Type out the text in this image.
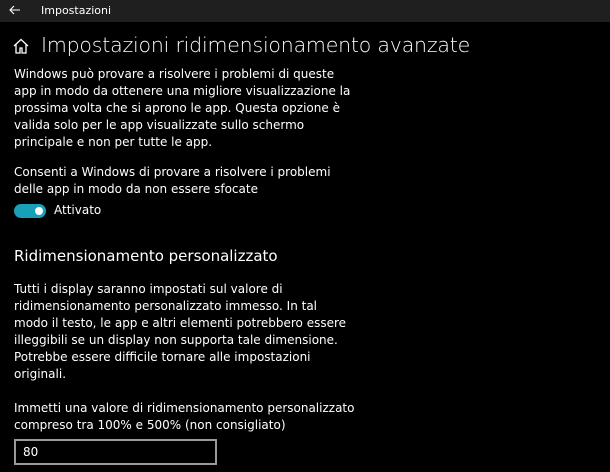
Impostazioni
Impostazioni ridimensionamento avanzate
Windows può provare a risolvere i problemi di queste
app in modo da ottenere una migliore visualizzazione la
prossima volta che si aprono le app. Questa opzione è
valida solo per le app visualizzate sullo schermo
principale e non per tutte le app.
Consenti a Windows di provare a risolvere i problemi
delle app in modo da non essere sfocate
Attivato
Ridimensionamento personalizzato
Tutti i display saranno impostati sul valore di
ridimensionamento personalizzato immesso. In tal
modo il testo, le app e altri elementi potrebbero essere
illeggibili se un display non supporta tale dimensione.
Potrebbe essere difficile tornare alle impostazioni
originali.
Immetti una valore di ridimensionamento personalizzato
compreso tra 100% e 500% (non consigliato)
80
